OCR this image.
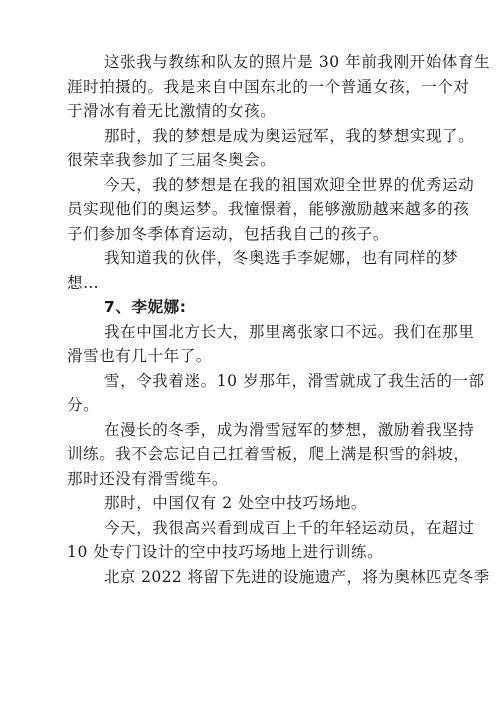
这张我与教练和队友的照片是 30 年前我刚开始体育生
涯时拍摄的。我是来自中国东北的一个普通女孩，一个对
于滑冰有着无比激情的女孩。
那时，我的梦想是成为奥运冠军，我的梦想实现了。
很荣幸我参加了三届冬奥会。
今天，我的梦想是在我的祖国欢迎全世界的优秀运动
员实现他们的奥运梦。我憧憬着，能够激励越来越多的孩
子们参加冬季体育运动，包括我自己的孩子。
我知道我的伙伴，冬奥选手李妮娜，也有同样的梦
想…
7、李妮娜:
我在中国北方长大，那里离张家口不远。我们在那里
滑雪也有几十年了。
雪，令我着迷。10 岁那年，滑雪就成了我生活的一部
分。
在漫长的冬季，成为滑雪冠军的梦想，激励着我坚持
训练。我不会忘记自己扛着雪板，爬上满是积雪的斜坡，
那时还没有滑雪缆车。
那时，中国仅有 2 处空中技巧场地。
今天，我很高兴看到成百上千的年轻运动员，在超过
10 处专门设计的空中技巧场地上进行训练。
北京 2022 将留下先进的设施遗产，将为奥林匹克冬季
